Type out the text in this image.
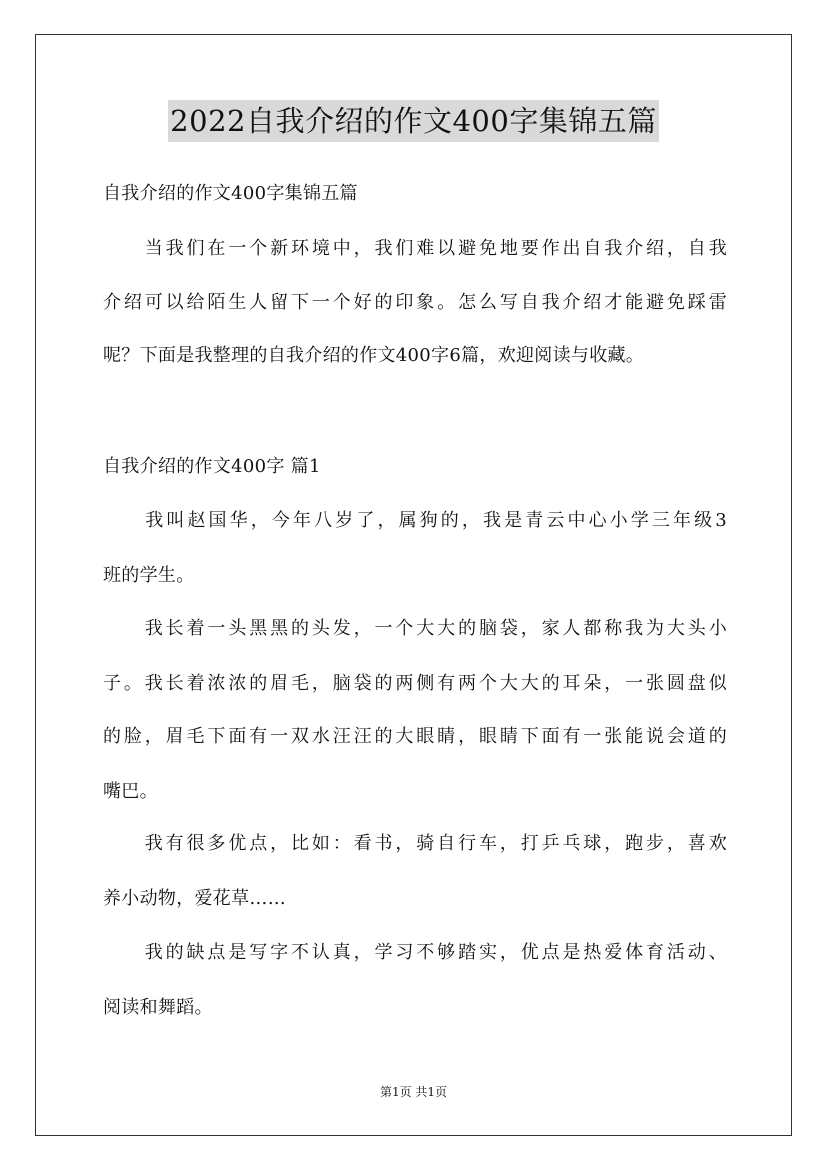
2022自我介绍的作文400字集锦五篇
自我介绍的作文400字集锦五篇
　　当我们在一个新环境中，我们难以避免地要作出自我介绍，自我
介绍可以给陌生人留下一个好的印象。怎么写自我介绍才能避免踩雷
呢？下面是我整理的自我介绍的作文400字6篇，欢迎阅读与收藏。
自我介绍的作文400字 篇1
　　我叫赵国华，今年八岁了，属狗的，我是青云中心小学三年级3
班的学生。
　　我长着一头黑黑的头发，一个大大的脑袋，家人都称我为大头小
子。我长着浓浓的眉毛，脑袋的两侧有两个大大的耳朵，一张圆盘似
的脸，眉毛下面有一双水汪汪的大眼睛，眼睛下面有一张能说会道的
嘴巴。
　　我有很多优点，比如：看书，骑自行车，打乒乓球，跑步，喜欢
养小动物，爱花草……
　　我的缺点是写字不认真，学习不够踏实，优点是热爱体育活动、
阅读和舞蹈。
第1页 共1页
